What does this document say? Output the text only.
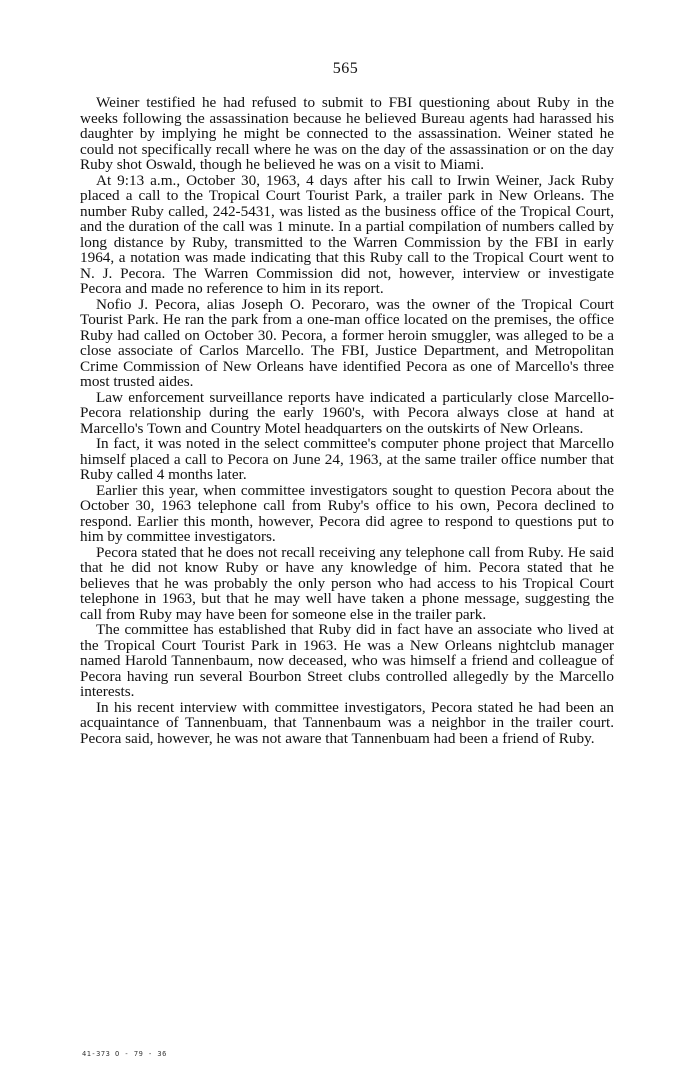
565

Weiner testified he had refused to submit to FBI questioning about Ruby in the weeks following the assassination because he believed Bureau agents had harassed his daughter by implying he might be connected to the assassination. Weiner stated he could not specifically recall where he was on the day of the assassination or on the day Ruby shot Oswald, though he believed he was on a visit to Miami.

At 9:13 a.m., October 30, 1963, 4 days after his call to Irwin Weiner, Jack Ruby placed a call to the Tropical Court Tourist Park, a trailer park in New Orleans. The number Ruby called, 242-5431, was listed as the business office of the Tropical Court, and the duration of the call was 1 minute. In a partial compilation of numbers called by long distance by Ruby, transmitted to the Warren Commission by the FBI in early 1964, a notation was made indicating that this Ruby call to the Tropical Court went to N. J. Pecora. The Warren Commission did not, however, interview or investigate Pecora and made no reference to him in its report.

Nofio J. Pecora, alias Joseph O. Pecoraro, was the owner of the Tropical Court Tourist Park. He ran the park from a one-man office located on the premises, the office Ruby had called on October 30. Pecora, a former heroin smuggler, was alleged to be a close associate of Carlos Marcello. The FBI, Justice Department, and Metropolitan Crime Commission of New Orleans have identified Pecora as one of Marcello's three most trusted aides.

Law enforcement surveillance reports have indicated a particularly close Marcello-Pecora relationship during the early 1960's, with Pecora always close at hand at Marcello's Town and Country Motel headquarters on the outskirts of New Orleans.

In fact, it was noted in the select committee's computer phone project that Marcello himself placed a call to Pecora on June 24, 1963, at the same trailer office number that Ruby called 4 months later.

Earlier this year, when committee investigators sought to question Pecora about the October 30, 1963 telephone call from Ruby's office to his own, Pecora declined to respond. Earlier this month, however, Pecora did agree to respond to questions put to him by committee investigators.

Pecora stated that he does not recall receiving any telephone call from Ruby. He said that he did not know Ruby or have any knowledge of him. Pecora stated that he believes that he was probably the only person who had access to his Tropical Court telephone in 1963, but that he may well have taken a phone message, suggesting the call from Ruby may have been for someone else in the trailer park.

The committee has established that Ruby did in fact have an associate who lived at the Tropical Court Tourist Park in 1963. He was a New Orleans nightclub manager named Harold Tannenbaum, now deceased, who was himself a friend and colleague of Pecora having run several Bourbon Street clubs controlled allegedly by the Marcello interests.

In his recent interview with committee investigators, Pecora stated he had been an acquaintance of Tannenbuam, that Tannenbaum was a neighbor in the trailer court. Pecora said, however, he was not aware that Tannenbuam had been a friend of Ruby.

41-373 O - 79 - 36
